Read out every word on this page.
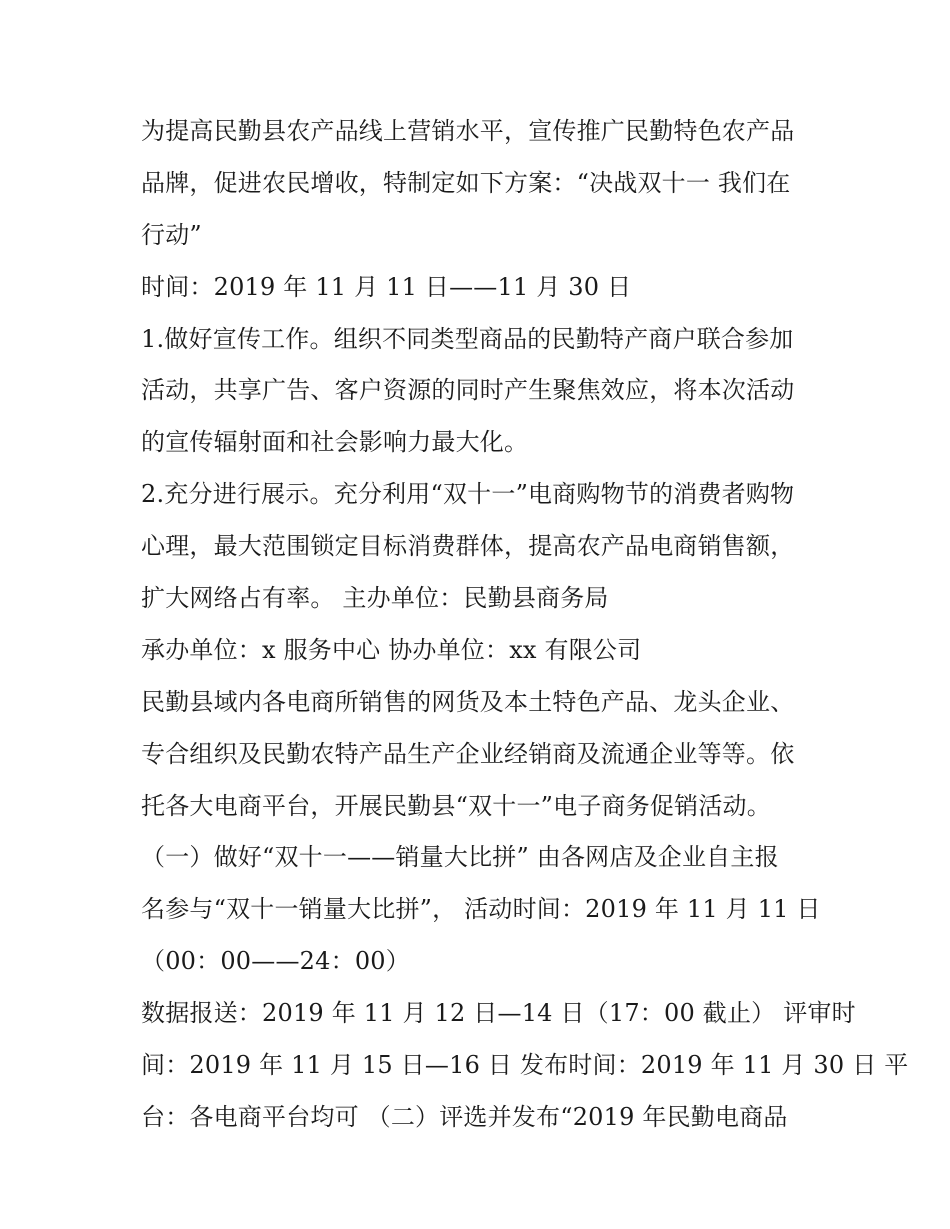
为提高民勤县农产品线上营销水平，宣传推广民勤特色农产品
品牌，促进农民增收，特制定如下方案：“决战双十一 我们在
行动”
时间：2019 年 11 月 11 日——11 月 30 日
1.做好宣传工作。组织不同类型商品的民勤特产商户联合参加
活动，共享广告、客户资源的同时产生聚焦效应，将本次活动
的宣传辐射面和社会影响力最大化。
2.充分进行展示。充分利用“双十一”电商购物节的消费者购物
心理，最大范围锁定目标消费群体，提高农产品电商销售额，
扩大网络占有率。 主办单位：民勤县商务局
承办单位：x 服务中心 协办单位：xx 有限公司
民勤县域内各电商所销售的网货及本土特色产品、龙头企业、
专合组织及民勤农特产品生产企业经销商及流通企业等等。依
托各大电商平台，开展民勤县“双十一”电子商务促销活动。
（一）做好“双十一——销量大比拼” 由各网店及企业自主报
名参与“双十一销量大比拼”， 活动时间：2019 年 11 月 11 日
（00：00——24：00）
数据报送：2019 年 11 月 12 日—14 日（17：00 截止） 评审时
间：2019 年 11 月 15 日—16 日 发布时间：2019 年 11 月 30 日 平
台：各电商平台均可 （二）评选并发布“2019 年民勤电商品
